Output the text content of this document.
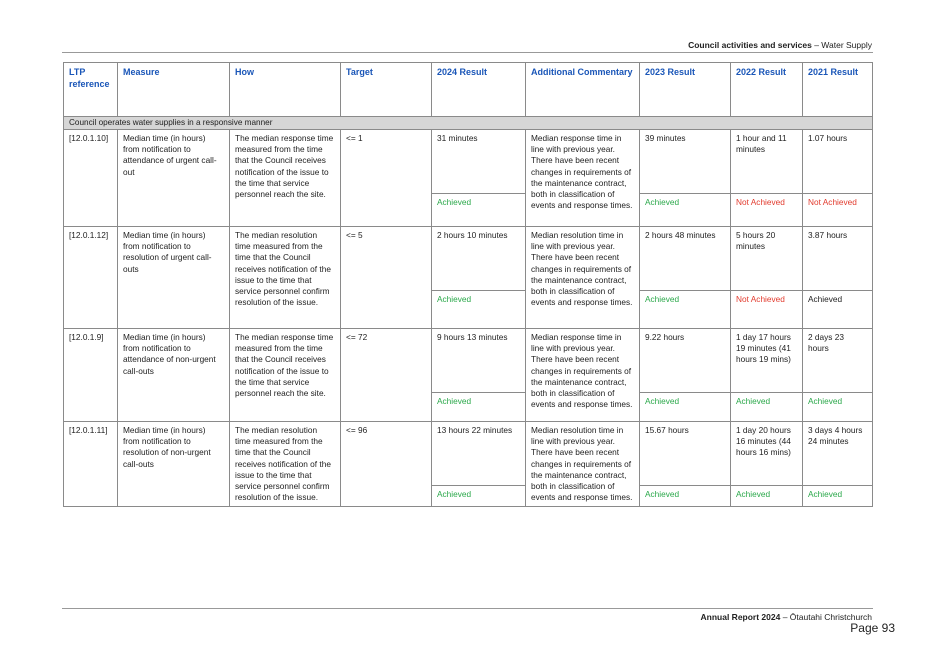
Council activities and services – Water Supply
LTP reference	Measure	How	Target	2024 Result	Additional Commentary	2023 Result	2022 Result	2021 Result
Council operates water supplies in a responsive manner								
[12.0.1.10]	Median time (in hours) from notification to attendance of urgent call-out	The median response time measured from the time that the Council receives notification of the issue to the time that service personnel reach the site.	<= 1	31 minutes	Median response time in line with previous year. There have been recent changes in requirements of the maintenance contract, both in classification of events and response times.	39 minutes	1 hour and 11 minutes	1.07 hours
				Achieved		Achieved	Not Achieved	Not Achieved
[12.0.1.12]	Median time (in hours) from notification to resolution of urgent call-outs	The median resolution time measured from the time that the Council receives notification of the issue to the time that service personnel confirm resolution of the issue.	<= 5	2 hours 10 minutes	Median resolution time in line with previous year. There have been recent changes in requirements of the maintenance contract, both in classification of events and response times.	2 hours 48 minutes	5 hours 20 minutes	3.87 hours
				Achieved		Achieved	Not Achieved	Achieved
[12.0.1.9]	Median time (in hours) from notification to attendance of non-urgent call-outs	The median response time measured from the time that the Council receives notification of the issue to the time that service personnel reach the site.	<= 72	9 hours 13 minutes	Median response time in line with previous year. There have been recent changes in requirements of the maintenance contract, both in classification of events and response times.	9.22 hours	1 day 17 hours 19 minutes (41 hours 19 mins)	2 days 23 hours
				Achieved		Achieved	Achieved	Achieved
[12.0.1.11]	Median time (in hours) from notification to resolution of non-urgent call-outs	The median resolution time measured from the time that the Council receives notification of the issue to the time that service personnel confirm resolution of the issue.	<= 96	13 hours 22 minutes	Median resolution time in line with previous year. There have been recent changes in requirements of the maintenance contract, both in classification of events and response times.	15.67 hours	1 day 20 hours 16 minutes (44 hours 16 mins)	3 days 4 hours 24 minutes
				Achieved		Achieved	Achieved	Achieved
Annual Report 2024 – Ōtautahi Christchurch
Page 93
